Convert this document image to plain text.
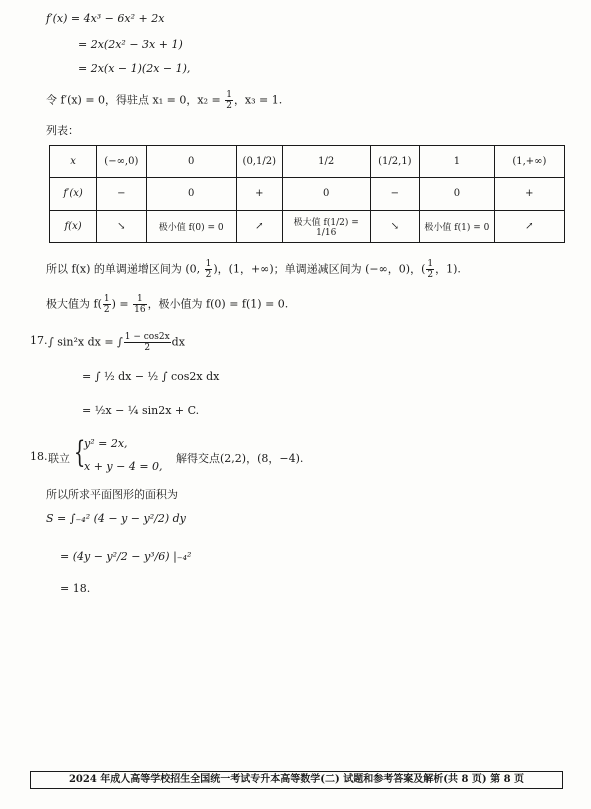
f′(x) = 4x³ − 6x² + 2x
= 2x(2x² − 3x + 1)
= 2x(x − 1)(2x − 1),
令 f′(x) = 0，得驻点 x₁ = 0，$x_2 = \frac{1}{2}$ ，x₃ = 1.
列表：
x	(−∞,0)	0	(0,1/2)	1/2	(1/2,1)	1	(1,+∞)
f′(x)	−	0	+	0	−	0	+
f(x)	↘	极小值 f(0) = 0	↗	极大值 f(1/2) = 1/16	↘	极小值 f(1) = 0	↗
所以 f(x) 的单调递增区间为 (0, $\frac{1}{2}$ )，(1，+∞)；单调递减区间为 (−∞，0)，( $\frac{1}{2}$ ，1).
极大值为 $f( \frac{1}{2}$ ) = $\frac{1}{16}$ ，极小值为 f(0) = f(1) = 0.
17. ∫ sin²x dx = ∫ $\frac{1 - \cos 2x}{2}$ dx
= ∫ ½ dx − ½ ∫ cos2x dx
= ½x − ¼ sin2x + C.
18. 联立 {
y² = 2x,
x + y − 4 = 0,
解得交点(2,2)，(8，−4).
所以所求平面图形的面积为
S = ∫₋₄² (4 − y − y²/2) dy
= (4y − y²/2 − y³/6) |₋₄²
= 18.
2024 年成人高等学校招生全国统一考试专升本高等数学(二) 试题和参考答案及解析(共 8 页) 第 8 页
